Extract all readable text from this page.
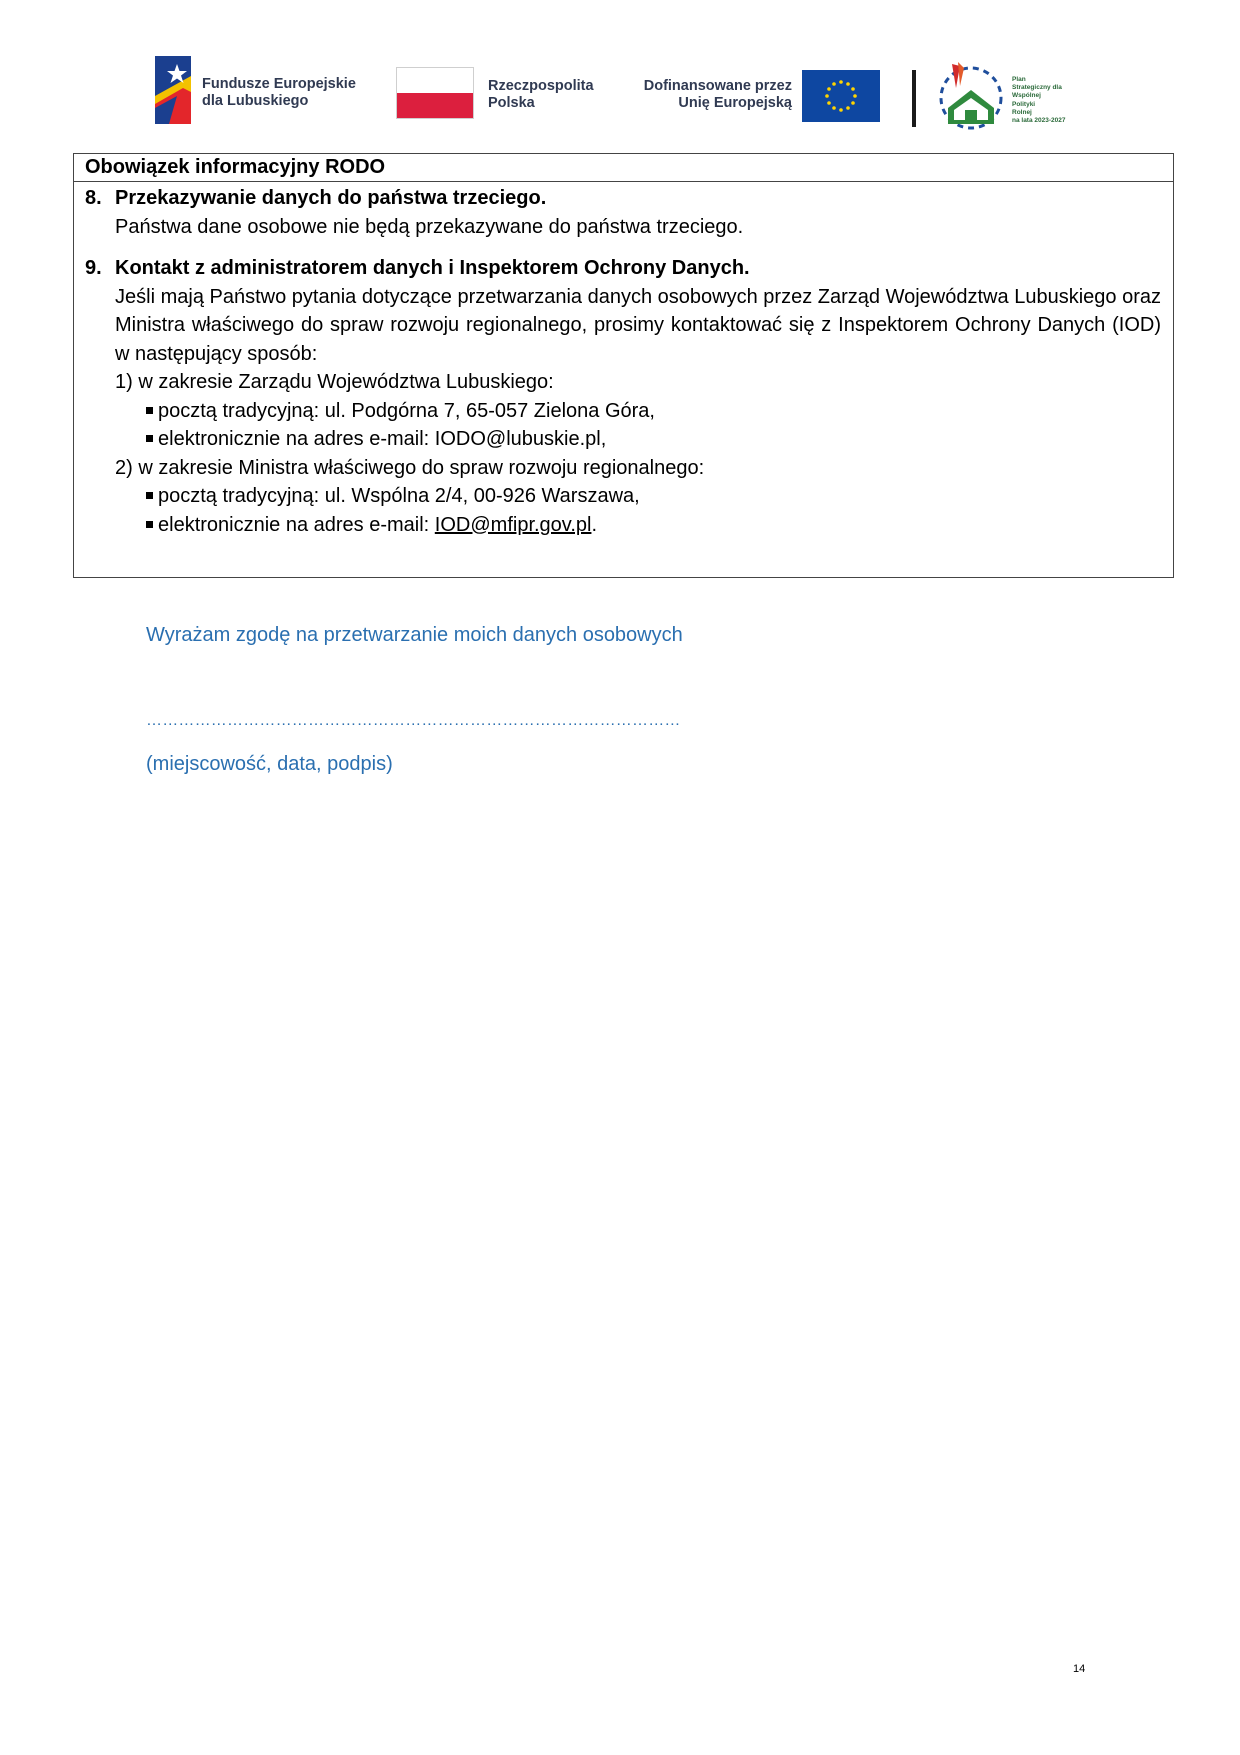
Fundusze Europejskie
dla Lubuskiego
Rzeczpospolita
Polska
Dofinansowane przez
Unię Europejską
Plan
Strategiczny dla
Wspólnej
Polityki
Rolnej
na lata 2023-2027
Obowiązek informacyjny RODO
8. Przekazywanie danych do państwa trzeciego.
Państwa dane osobowe nie będą przekazywane do państwa trzeciego.
9. Kontakt z administratorem danych i Inspektorem Ochrony Danych.
Jeśli mają Państwo pytania dotyczące przetwarzania danych osobowych przez Zarząd Województwa Lubuskiego oraz Ministra właściwego do spraw rozwoju regionalnego, prosimy kontaktować się z Inspektorem Ochrony Danych (IOD) w następujący sposób:
1) w zakresie Zarządu Województwa Lubuskiego:
pocztą tradycyjną: ul. Podgórna 7, 65-057 Zielona Góra,
elektronicznie na adres e-mail: IODO@lubuskie.pl,
2) w zakresie Ministra właściwego do spraw rozwoju regionalnego:
pocztą tradycyjną: ul. Wspólna 2/4, 00-926 Warszawa,
elektronicznie na adres e-mail: IOD@mfipr.gov.pl.
Wyrażam zgodę na przetwarzanie moich danych osobowych
………………………………………………………………………………………
(miejscowość, data, podpis)
14
